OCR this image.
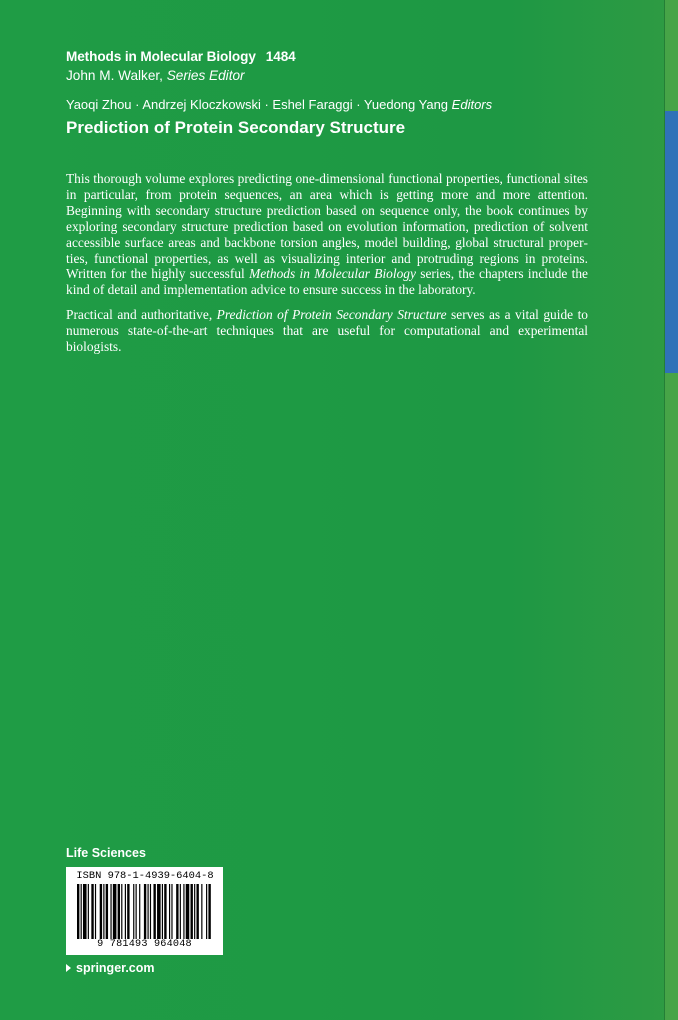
Methods in Molecular Biology 1484
John M. Walker, Series Editor
Yaoqi Zhou · Andrzej Kloczkowski · Eshel Faraggi · Yuedong Yang Editors
Prediction of Protein Secondary Structure

This thorough volume explores predicting one-dimensional functional properties, functional sites in particular, from protein sequences, an area which is getting more and more attention. Beginning with secondary structure prediction based on sequence only, the book continues by exploring secondary structure prediction based on evolution information, prediction of solvent accessible surface areas and backbone torsion angles, model building, global structural properties, functional properties, as well as visualizing interior and protruding regions in proteins. Written for the highly successful Methods in Molecular Biology series, the chapters include the kind of detail and implementation advice to ensure success in the laboratory.

Practical and authoritative, Prediction of Protein Secondary Structure serves as a vital guide to numerous state-of-the-art techniques that are useful for computational and experimental biologists.

Life Sciences
ISBN 978-1-4939-6404-8
9 781493 964048
springer.com
